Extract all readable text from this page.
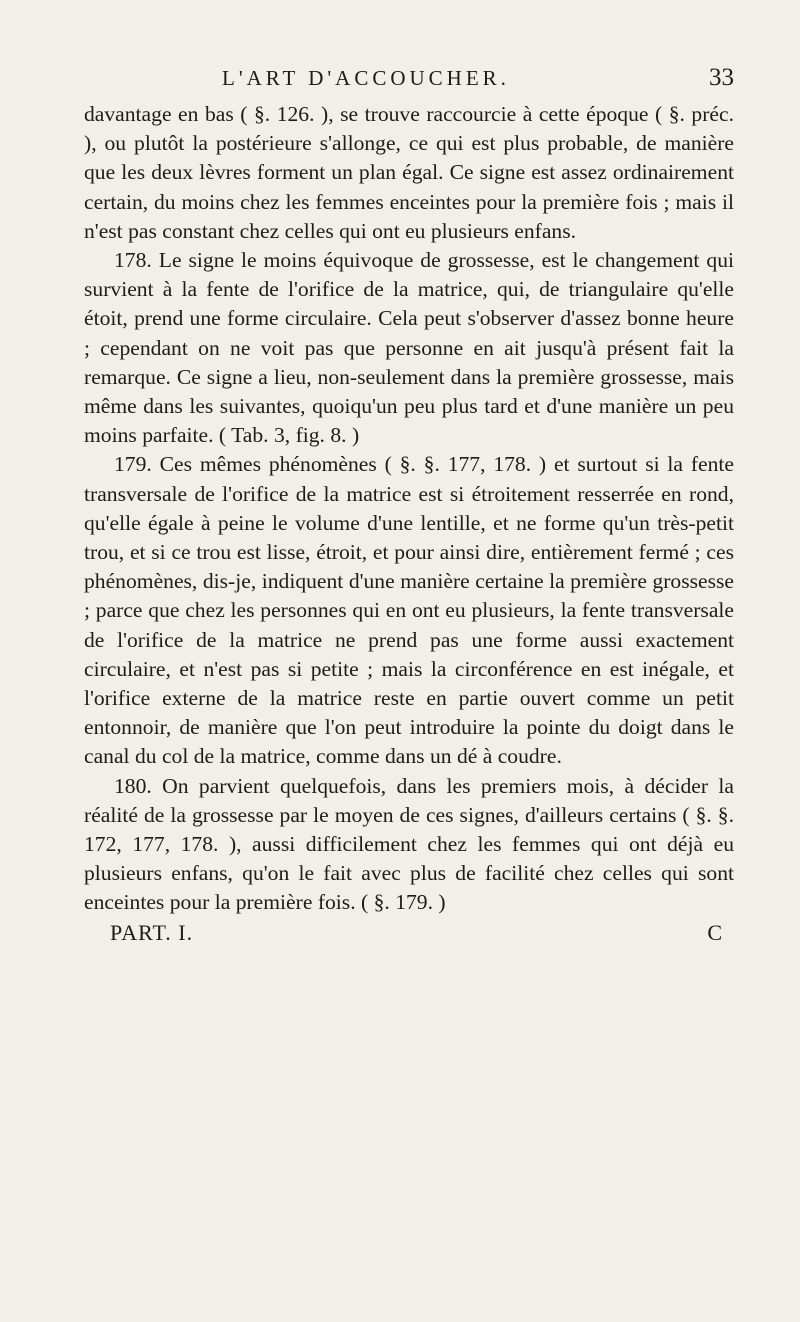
L'ART D'ACCOUCHER.	33

davantage en bas ( §. 126. ), se trouve raccourcie à cette époque ( §. préc. ), ou plutôt la postérieure s'allonge, ce qui est plus probable, de manière que les deux lèvres forment un plan égal. Ce signe est assez ordinairement certain, du moins chez les femmes enceintes pour la première fois ; mais il n'est pas constant chez celles qui ont eu plusieurs enfans.

178. Le signe le moins équivoque de grossesse, est le changement qui survient à la fente de l'orifice de la matrice, qui, de triangulaire qu'elle étoit, prend une forme circulaire. Cela peut s'observer d'assez bonne heure ; cependant on ne voit pas que personne en ait jusqu'à présent fait la remarque. Ce signe a lieu, non-seulement dans la première grossesse, mais même dans les suivantes, quoiqu'un peu plus tard et d'une manière un peu moins parfaite. ( Tab. 3, fig. 8. )

179. Ces mêmes phénomènes ( §. §. 177, 178. ) et surtout si la fente transversale de l'orifice de la matrice est si étroitement resserrée en rond, qu'elle égale à peine le volume d'une lentille, et ne forme qu'un très-petit trou, et si ce trou est lisse, étroit, et pour ainsi dire, entièrement fermé ; ces phénomènes, dis-je, indiquent d'une manière certaine la première grossesse ; parce que chez les personnes qui en ont eu plusieurs, la fente transversale de l'orifice de la matrice ne prend pas une forme aussi exactement circulaire, et n'est pas si petite ; mais la circonférence en est inégale, et l'orifice externe de la matrice reste en partie ouvert comme un petit entonnoir, de manière que l'on peut introduire la pointe du doigt dans le canal du col de la matrice, comme dans un dé à coudre.

180. On parvient quelquefois, dans les premiers mois, à décider la réalité de la grossesse par le moyen de ces signes, d'ailleurs certains ( §. §. 172, 177, 178. ), aussi difficilement chez les femmes qui ont déjà eu plusieurs enfans, qu'on le fait avec plus de facilité chez celles qui sont enceintes pour la première fois. ( §. 179. )

PART. I.	C
